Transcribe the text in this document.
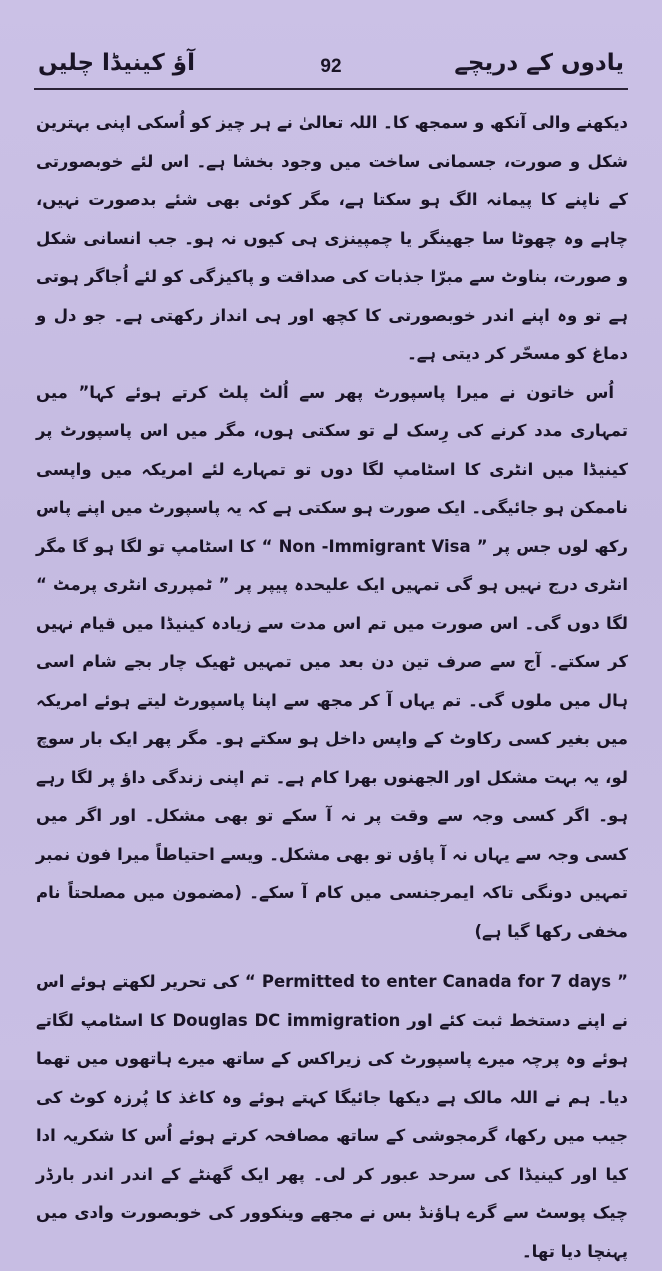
آؤ کینیڈا چلیں	92	یادوں کے دریچے

دیکھنے والی آنکھ و سمجھ کا۔ اللہ تعالیٰ نے ہر چیز کو اُسکی اپنی بہترین شکل و صورت، جسمانی ساخت میں وجود بخشا ہے۔ اس لئے خوبصورتی کے ناپنے کا پیمانہ الگ ہو سکتا ہے، مگر کوئی بھی شئے بدصورت نہیں، چاہے وہ چھوٹا سا جھینگر یا چمپینزی ہی کیوں نہ ہو۔ جب انسانی شکل و صورت، بناوٹ سے مبرّا جذبات کی صداقت و پاکیزگی کو لئے اُجاگر ہوتی ہے تو وہ اپنے اندر خوبصورتی کا کچھ اور ہی انداز رکھتی ہے۔ جو دل و دماغ کو مسحّر کر دیتی ہے۔

اُس خاتون نے میرا پاسپورٹ پھر سے اُلٹ پلٹ کرتے ہوئے کہا” میں تمہاری مدد کرنے کی رِسک لے تو سکتی ہوں، مگر میں اس پاسپورٹ پر کینیڈا میں انٹری کا اسٹامپ لگا دوں تو تمہارے لئے امریکہ میں واپسی ناممکن ہو جائیگی۔ ایک صورت ہو سکتی ہے کہ یہ پاسپورٹ میں اپنے پاس رکھ لوں جس پر ” Non -Immigrant Visa “ کا اسٹامپ تو لگا ہو گا مگر انٹری درج نہیں ہو گی تمہیں ایک علیحدہ پیپر پر ” ٹمپرری انٹری پرمٹ “ لگا دوں گی۔ اس صورت میں تم اس مدت سے زیادہ کینیڈا میں قیام نہیں کر سکتے۔ آج سے صرف تین دن بعد میں تمہیں ٹھیک چار بجے شام اسی ہال میں ملوں گی۔ تم یہاں آ کر مجھ سے اپنا پاسپورٹ لیتے ہوئے امریکہ میں بغیر کسی رکاوٹ کے واپس داخل ہو سکتے ہو۔ مگر پھر ایک بار سوچ لو، یہ بہت مشکل اور الجھنوں بھرا کام ہے۔ تم اپنی زندگی داؤ پر لگا رہے ہو۔ اگر کسی وجہ سے وقت پر نہ آ سکے تو بھی مشکل۔ اور اگر میں کسی وجہ سے یہاں نہ آ پاؤں تو بھی مشکل۔ ویسے احتیاطاً میرا فون نمبر تمہیں دونگی تاکہ ایمرجنسی میں کام آ سکے۔ (مضمون میں مصلحتاً نام مخفی رکھا گیا ہے)

” Permitted to enter Canada for 7 days “ کی تحریر لکھتے ہوئے اس نے اپنے دستخط ثبت کئے اور Douglas DC immigration کا اسٹامپ لگاتے ہوئے وہ پرچہ میرے پاسپورٹ کی زیراکس کے ساتھ میرے ہاتھوں میں تھما دیا۔ ہم نے اللہ مالک ہے دیکھا جائیگا کہتے ہوئے وہ کاغذ کا پُرزہ کوٹ کی جیب میں رکھا، گرمجوشی کے ساتھ مصافحہ کرتے ہوئے اُس کا شکریہ ادا کیا اور کینیڈا کی سرحد عبور کر لی۔ پھر ایک گھنٹے کے اندر اندر بارڈر چیک پوسٹ سے گرے ہاؤنڈ بس نے مجھے وینکوور کی خوبصورت وادی میں پہنچا دیا تھا۔
